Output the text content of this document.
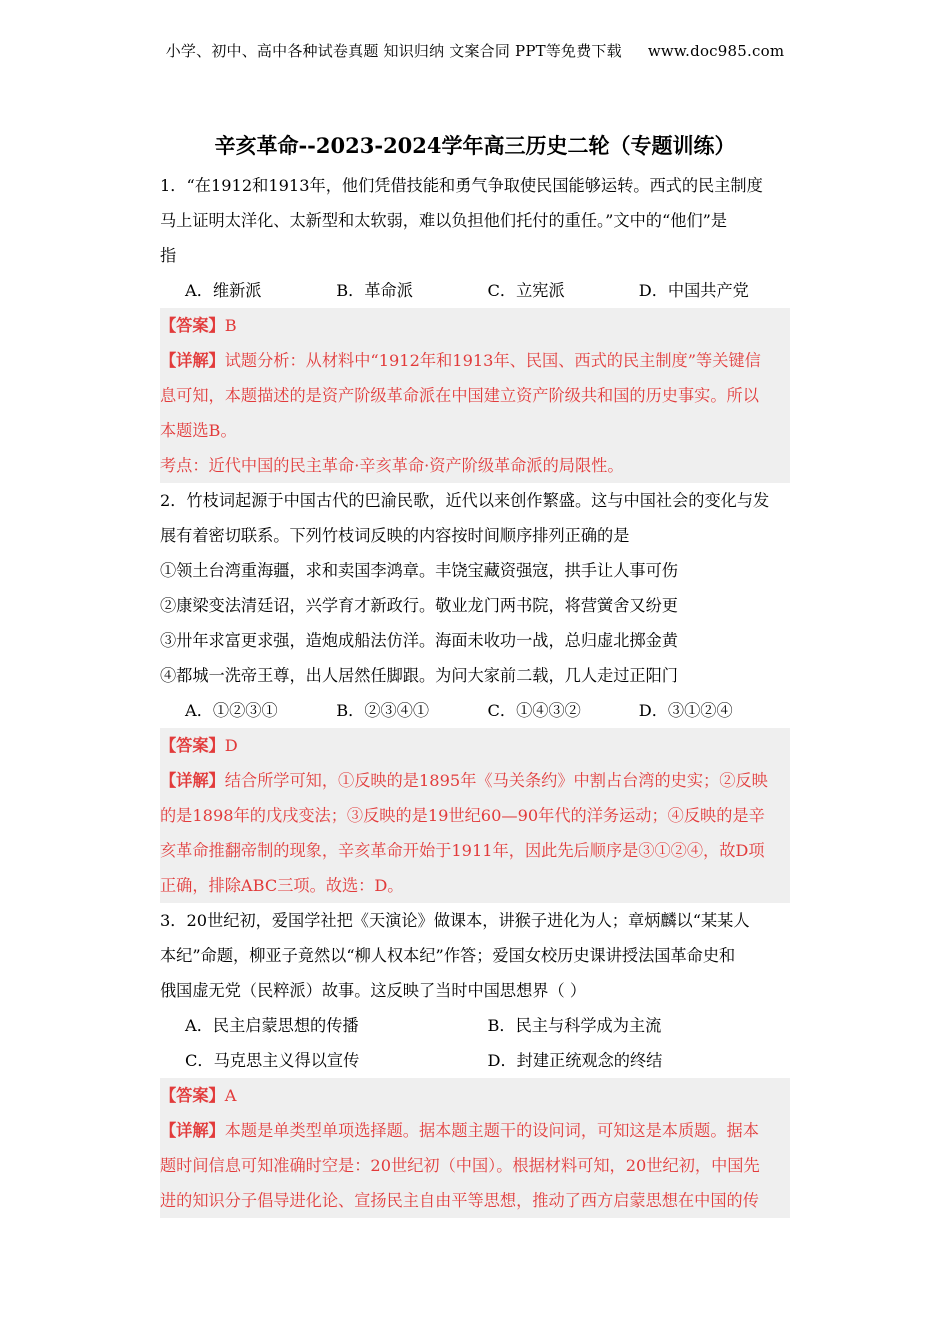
小学、初中、高中各种试卷真题 知识归纳 文案合同 PPT等免费下载 www.doc985.com
辛亥革命--2023-2024学年高三历史二轮（专题训练）
1．“在1912和1913年，他们凭借技能和勇气争取使民国能够运转。西式的民主制度
马上证明太洋化、太新型和太软弱，难以负担他们托付的重任。”文中的“他们”是
指
A．维新派	B．革命派	C．立宪派	D．中国共产党
【答案】B
【详解】试题分析：从材料中“1912年和1913年、民国、西式的民主制度”等关键信
息可知，本题描述的是资产阶级革命派在中国建立资产阶级共和国的历史事实。所以
本题选B。
考点：近代中国的民主革命·辛亥革命·资产阶级革命派的局限性。
2．竹枝词起源于中国古代的巴渝民歌，近代以来创作繁盛。这与中国社会的变化与发
展有着密切联系。下列竹枝词反映的内容按时间顺序排列正确的是
①领土台湾重海疆，求和卖国李鸿章。丰饶宝藏资强寇，拱手让人事可伤
②康梁变法清廷诏，兴学育才新政行。敬业龙门两书院，将营黉舍又纷更
③卅年求富更求强，造炮成船法仿洋。海面未收功一战，总归虚北掷金黄
④都城一洗帝王尊，出人居然任脚跟。为问大家前二载，几人走过正阳门
A．①②③①	B．②③④①	C．①④③②	D．③①②④
【答案】D
【详解】结合所学可知，①反映的是1895年《马关条约》中割占台湾的史实；②反映
的是1898年的戊戌变法；③反映的是19世纪60—90年代的洋务运动；④反映的是辛
亥革命推翻帝制的现象，辛亥革命开始于1911年，因此先后顺序是③①②④，故D项
正确，排除ABC三项。故选：D。
3．20世纪初，爱国学社把《天演论》做课本，讲猴子进化为人；章炳麟以“某某人
本纪”命题，柳亚子竟然以“柳人权本纪”作答；爱国女校历史课讲授法国革命史和
俄国虚无党（民粹派）故事。这反映了当时中国思想界（ ）
A．民主启蒙思想的传播	B．民主与科学成为主流
C．马克思主义得以宣传	D．封建正统观念的终结
【答案】A
【详解】本题是单类型单项选择题。据本题主题干的设问词，可知这是本质题。据本
题时间信息可知准确时空是：20世纪初（中国）。根据材料可知，20世纪初，中国先
进的知识分子倡导进化论、宣扬民主自由平等思想，推动了西方启蒙思想在中国的传
